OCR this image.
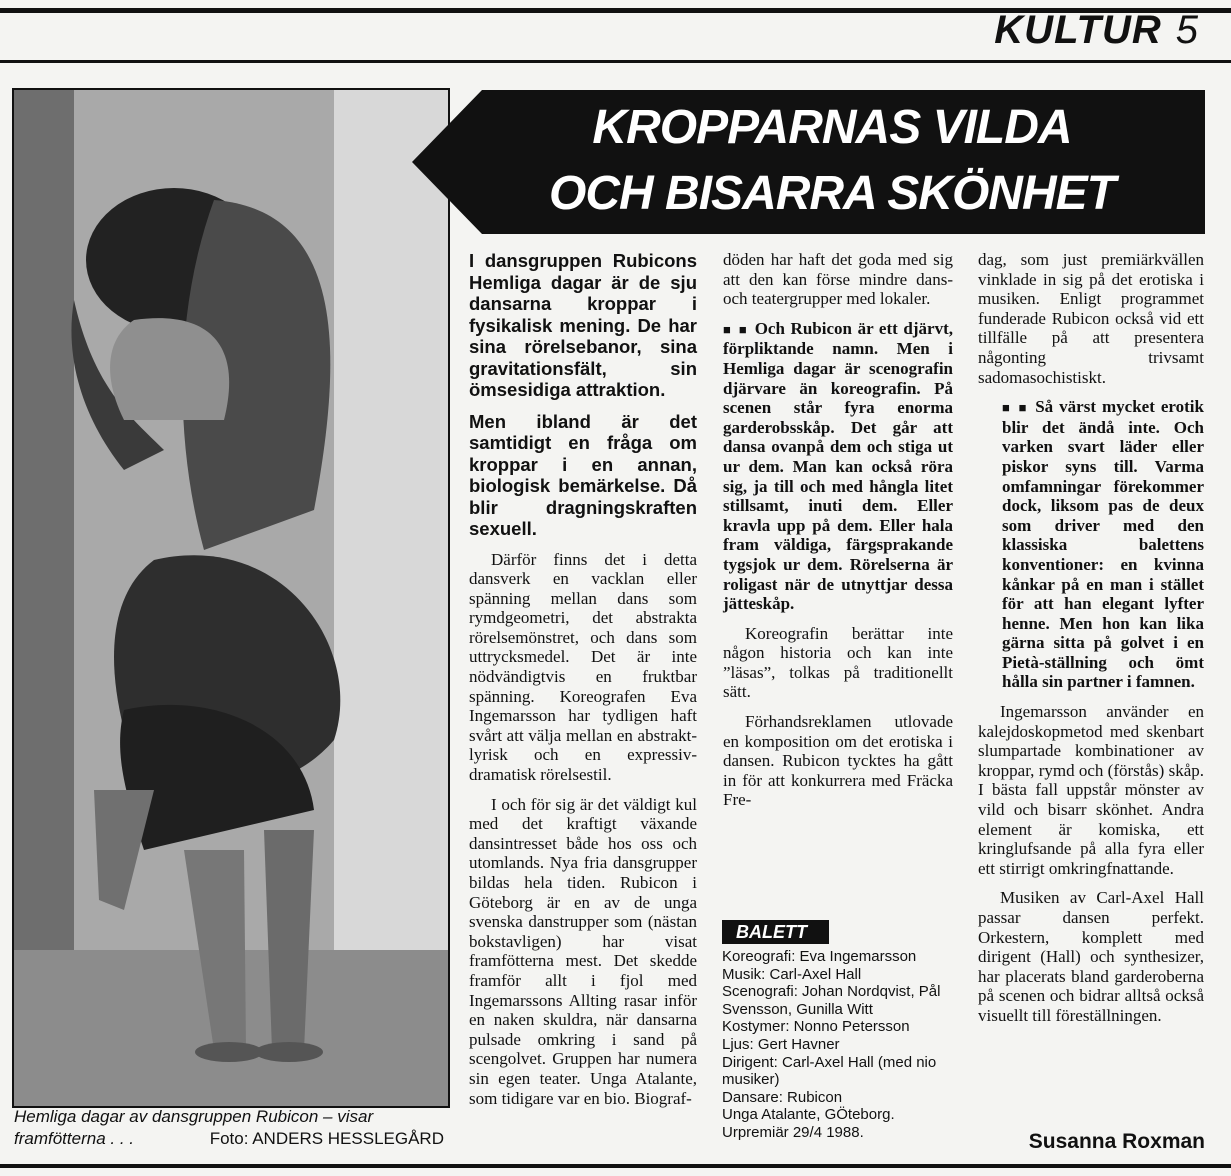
KULTUR 5
Hemliga dagar av dansgruppen Rubicon – visar framfötterna . . .	Foto: ANDERS HESSLEGÅRD
KROPPARNAS VILDA
OCH BISARRA SKÖNHET

I dansgruppen Rubicons Hemliga dagar är de sju dansarna kroppar i fysikalisk mening. De har sina rörelsebanor, sina gravitationsfält, sin ömsesidiga attraktion.

Men ibland är det samtidigt en fråga om kroppar i en annan, biologisk bemärkelse. Då blir dragningskraften sexuell.

Därför finns det i detta dansverk en vacklan eller spänning mellan dans som rymdgeometri, det abstrakta rörelsemönstret, och dans som uttrycksmedel. Det är inte nödvändigtvis en fruktbar spänning. Koreografen Eva Ingemarsson har tydligen haft svårt att välja mellan en abstrakt-lyrisk och en expressiv-dramatisk rörelsestil.

I och för sig är det väldigt kul med det kraftigt växande dansintresset både hos oss och utomlands. Nya fria dansgrupper bildas hela tiden. Rubicon i Göteborg är en av de unga svenska danstrupper som (nästan bokstavligen) har visat framfötterna mest. Det skedde framför allt i fjol med Ingemarssons Allting rasar inför en naken skuldra, när dansarna pulsade omkring i sand på scengolvet. Gruppen har numera sin egen teater. Unga Atalante, som tidigare var en bio. Biograf-

döden har haft det goda med sig att den kan förse mindre dans- och teatergrupper med lokaler.

■ ■ Och Rubicon är ett djärvt, förpliktande namn. Men i Hemliga dagar är scenografin djärvare än koreografin. På scenen står fyra enorma garderobsskåp. Det går att dansa ovanpå dem och stiga ut ur dem. Man kan också röra sig, ja till och med hångla litet stillsamt, inuti dem. Eller kravla upp på dem. Eller hala fram väldiga, färgsprakande tygsjok ur dem. Rörelserna är roligast när de utnyttjar dessa jätteskåp.

Koreografin berättar inte någon historia och kan inte ”läsas”, tolkas på traditionellt sätt.

Förhandsreklamen utlovade en komposition om det erotiska i dansen. Rubicon tycktes ha gått in för att konkurrera med Fräcka Fre-

BALETT
Koreografi: Eva Ingemarsson
Musik: Carl-Axel Hall
Scenografi: Johan Nordqvist, Pål Svensson, Gunilla Witt
Kostymer: Nonno Petersson
Ljus: Gert Havner
Dirigent: Carl-Axel Hall (med nio musiker)
Dansare: Rubicon
Unga Atalante, GÖteborg. Urpremiär 29/4 1988.

dag, som just premiärkvällen vinklade in sig på det erotiska i musiken. Enligt programmet funderade Rubicon också vid ett tillfälle på att presentera någonting trivsamt sadomasochistiskt.

■ ■ Så värst mycket erotik blir det ändå inte. Och varken svart läder eller piskor syns till. Varma omfamningar förekommer dock, liksom pas de deux som driver med den klassiska balettens konventioner: en kvinna kånkar på en man i stället för att han elegant lyfter henne. Men hon kan lika gärna sitta på golvet i en Pietà-ställning och ömt hålla sin partner i famnen.

Ingemarsson använder en kalejdoskopmetod med skenbart slumpartade kombinationer av kroppar, rymd och (förstås) skåp. I bästa fall uppstår mönster av vild och bisarr skönhet. Andra element är komiska, ett kringlufsande på alla fyra eller ett stirrigt omkringfnattande.

Musiken av Carl-Axel Hall passar dansen perfekt. Orkestern, komplett med dirigent (Hall) och synthesizer, har placerats bland garderoberna på scenen och bidrar alltså också visuellt till föreställningen.

Susanna Roxman
